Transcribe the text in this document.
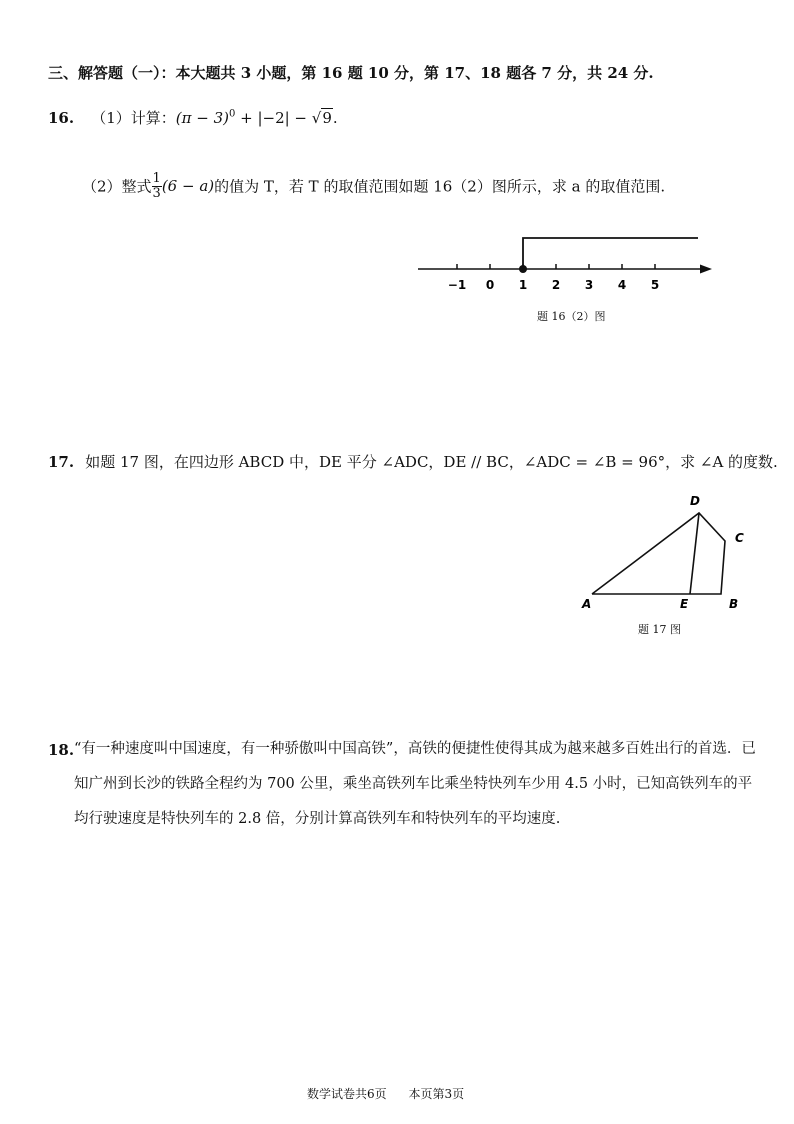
三、解答题（一）：本大题共 3 小题，第 16 题 10 分，第 17、18 题各 7 分，共 24 分.
16. （1）计算：$(\pi - 3)^0 + |-2| - √9$.
（2）整式 $\frac{1}{3} (6 - a)$的值为 T，若 T 的取值范围如题 16（2）图所示，求 a 的取值范围.
−1 0 1 2 3 4 5
题 16（2）图
17. 如题 17 图，在四边形 ABCD 中，DE 平分 ∠ADC，DE // BC，∠ADC = ∠B = 96°，求 ∠A 的度数.
A
D
C
E	B
题 17 图
18. “有一种速度叫中国速度，有一种骄傲叫中国高铁”，高铁的便捷性使得其成为越来越多百姓出行的首选．已知广州到长沙的铁路全程约为 700 公里，乘坐高铁列车比乘坐特快列车少用 4.5 小时，已知高铁列车的平均行驶速度是特快列车的 2.8 倍，分别计算高铁列车和特快列车的平均速度.
数学试卷共6页 本页第3页
